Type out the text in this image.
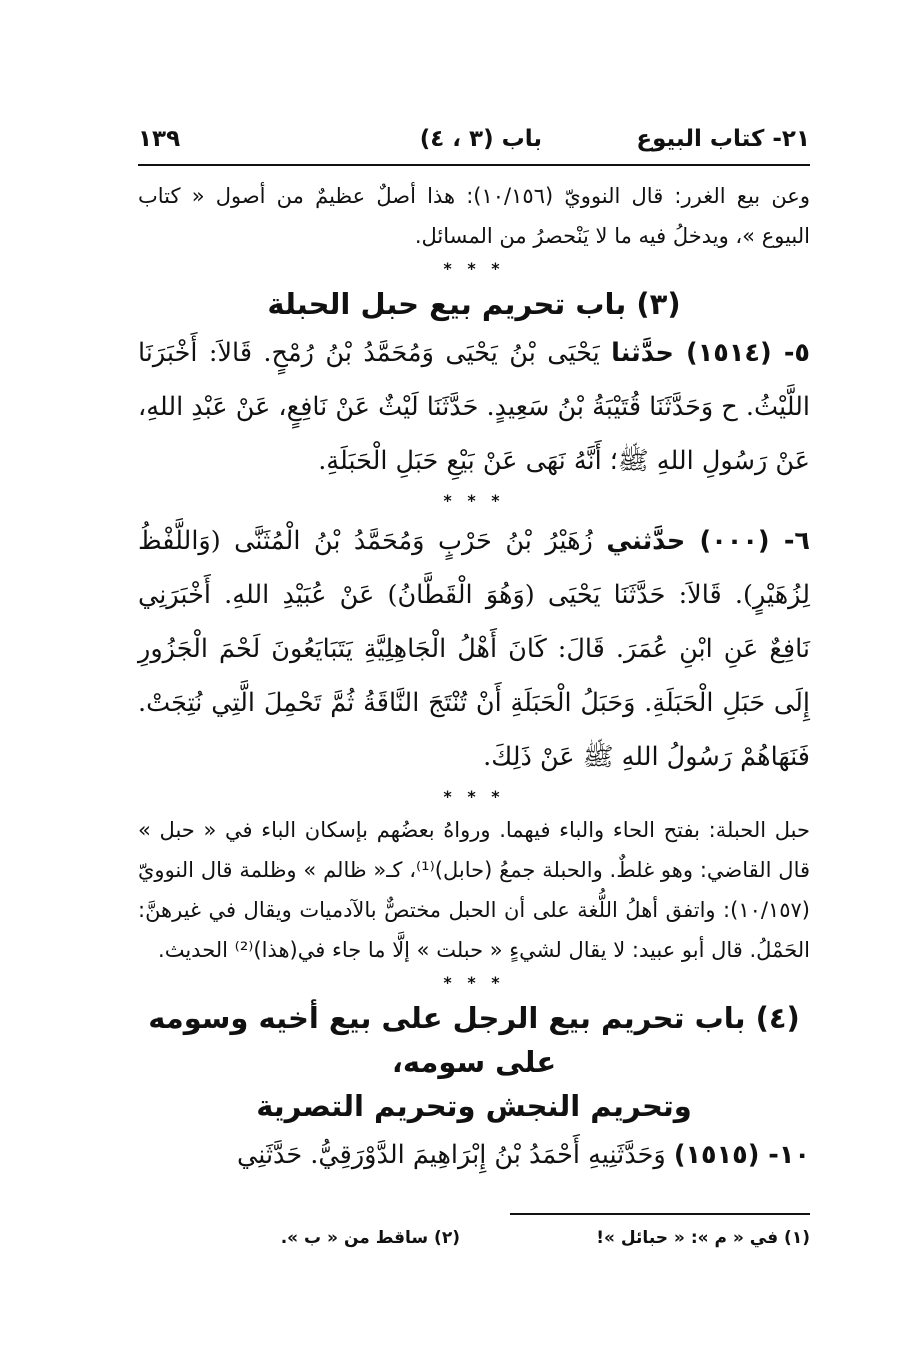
٢١- كتاب البيوع
باب (٣ ، ٤)
١٣٩

وعن بيع الغرر: قال النوويّ (١٠/١٥٦): هذا أصلٌ عظيمٌ من أصول « كتاب البيوع »، ويدخلُ فيه ما لا يَنْحصرُ من المسائل.

* * *
(٣) باب تحريم بيع حبل الحبلة

٥- (١٥١٤) حدَّثنا يَحْيَى بْنُ يَحْيَى وَمُحَمَّدُ بْنُ رُمْحٍ. قَالاَ: أَخْبَرَنَا اللَّيْثُ. ح وَحَدَّثَنَا قُتَيْبَةُ بْنُ سَعِيدٍ. حَدَّثَنَا لَيْثٌ عَنْ نَافِعٍ، عَنْ عَبْدِ اللهِ، عَنْ رَسُولِ اللهِ ﷺ؛ أَنَّهُ نَهَى عَنْ بَيْعِ حَبَلِ الْحَبَلَةِ.

* * *

٦- (٠٠٠) حدَّثني زُهَيْرُ بْنُ حَرْبٍ وَمُحَمَّدُ بْنُ الْمُثَنَّى (وَاللَّفْظُ لِزُهَيْرٍ). قَالاَ: حَدَّثَنَا يَحْيَى (وَهُوَ الْقَطَّانُ) عَنْ عُبَيْدِ اللهِ. أَخْبَرَنِي نَافِعٌ عَنِ ابْنِ عُمَرَ. قَالَ: كَانَ أَهْلُ الْجَاهِلِيَّةِ يَتَبَايَعُونَ لَحْمَ الْجَزُورِ إِلَى حَبَلِ الْحَبَلَةِ. وَحَبَلُ الْحَبَلَةِ أَنْ تُنْتَجَ النَّاقَةُ ثُمَّ تَحْمِلَ الَّتِي نُتِجَتْ. فَنَهَاهُمْ رَسُولُ اللهِ ﷺ عَنْ ذَلِكَ.

* * *

حبل الحبلة: بفتح الحاء والباء فيهما. ورواهُ بعضُهم بإسكان الباء في « حبل » قال القاضي: وهو غلطٌ. والحبلة جمعُ (حابل)⁽¹⁾، كـ« ظالم » وظلمة قال النوويّ (١٠/١٥٧): واتفق أهلُ اللُّغة على أن الحبل مختصٌّ بالآدميات ويقال في غيرهنَّ: الحَمْلُ. قال أبو عبيد: لا يقال لشيءٍ « حبلت » إلَّا ما جاء في(هذا)⁽²⁾ الحديث.

* * *
(٤) باب تحريم بيع الرجل على بيع أخيه وسومه على سومه،
وتحريم النجش وتحريم التصرية

١٠- (١٥١٥) وَحَدَّثَنِيهِ أَحْمَدُ بْنُ إِبْرَاهِيمَ الدَّوْرَقِيُّ. حَدَّثَنِي

(١) في « م »: « حبائل »!
(٢) ساقط من « ب ».
